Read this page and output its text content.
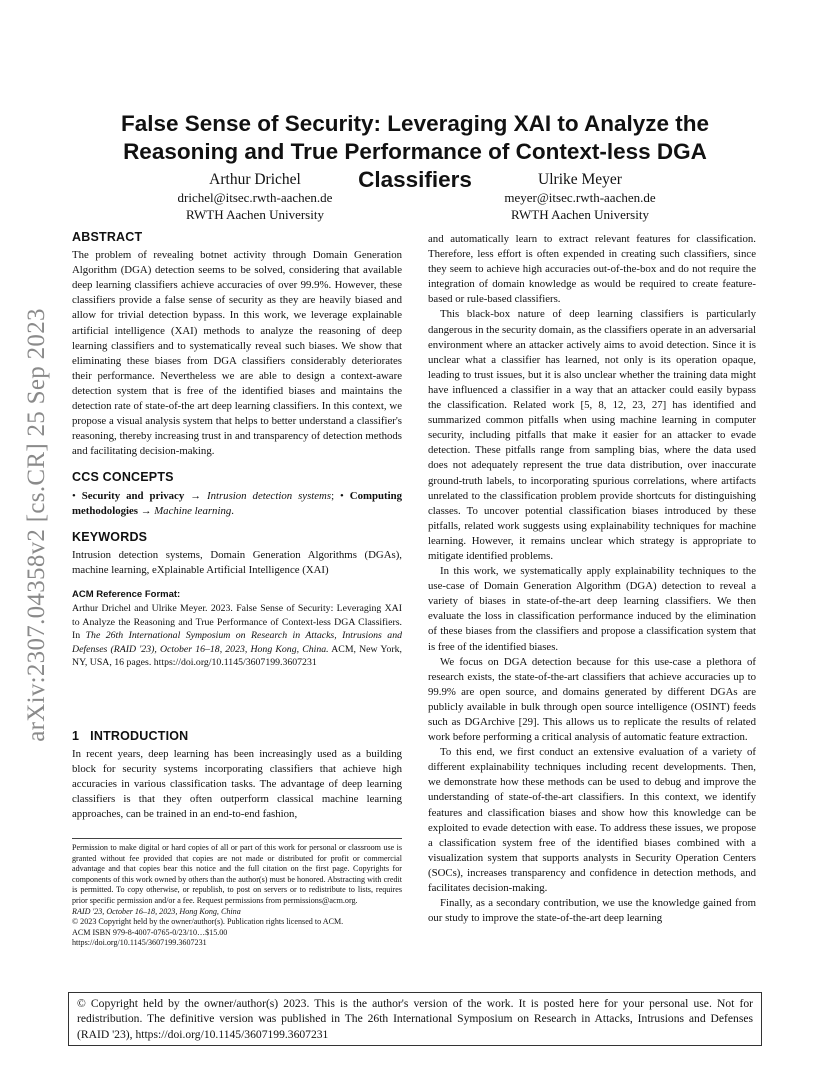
arXiv:2307.04358v2 [cs.CR] 25 Sep 2023
False Sense of Security: Leveraging XAI to Analyze the Reasoning and True Performance of Context-less DGA Classifiers
Arthur Drichel
drichel@itsec.rwth-aachen.de
RWTH Aachen University
Ulrike Meyer
meyer@itsec.rwth-aachen.de
RWTH Aachen University
ABSTRACT

The problem of revealing botnet activity through Domain Generation Algorithm (DGA) detection seems to be solved, considering that available deep learning classifiers achieve accuracies of over 99.9%. However, these classifiers provide a false sense of security as they are heavily biased and allow for trivial detection bypass. In this work, we leverage explainable artificial intelligence (XAI) methods to analyze the reasoning of deep learning classifiers and to systematically reveal such biases. We show that eliminating these biases from DGA classifiers considerably deteriorates their performance. Nevertheless we are able to design a context-aware detection system that is free of the identified biases and maintains the detection rate of state-of-the art deep learning classifiers. In this context, we propose a visual analysis system that helps to better understand a classifier's reasoning, thereby increasing trust in and transparency of detection methods and facilitating decision-making.

CCS CONCEPTS

• Security and privacy → Intrusion detection systems; • Computing methodologies → Machine learning.

KEYWORDS

Intrusion detection systems, Domain Generation Algorithms (DGAs), machine learning, eXplainable Artificial Intelligence (XAI)

ACM Reference Format:

Arthur Drichel and Ulrike Meyer. 2023. False Sense of Security: Leveraging XAI to Analyze the Reasoning and True Performance of Context-less DGA Classifiers. In The 26th International Symposium on Research in Attacks, Intrusions and Defenses (RAID '23), October 16–18, 2023, Hong Kong, China. ACM, New York, NY, USA, 16 pages. https://doi.org/10.1145/3607199.3607231

1   INTRODUCTION

In recent years, deep learning has been increasingly used as a building block for security systems incorporating classifiers that achieve high accuracies in various classification tasks. The advantage of deep learning classifiers is that they often outperform classical machine learning approaches, can be trained in an end-to-end fashion,

Permission to make digital or hard copies of all or part of this work for personal or classroom use is granted without fee provided that copies are not made or distributed for profit or commercial advantage and that copies bear this notice and the full citation on the first page. Copyrights for components of this work owned by others than the author(s) must be honored. Abstracting with credit is permitted. To copy otherwise, or republish, to post on servers or to redistribute to lists, requires prior specific permission and/or a fee. Request permissions from permissions@acm.org.

RAID '23, October 16–18, 2023, Hong Kong, China

© 2023 Copyright held by the owner/author(s). Publication rights licensed to ACM.

ACM ISBN 979-8-4007-0765-0/23/10…$15.00

https://doi.org/10.1145/3607199.3607231

and automatically learn to extract relevant features for classification. Therefore, less effort is often expended in creating such classifiers, since they seem to achieve high accuracies out-of-the-box and do not require the integration of domain knowledge as would be required to create feature-based or rule-based classifiers.

This black-box nature of deep learning classifiers is particularly dangerous in the security domain, as the classifiers operate in an adversarial environment where an attacker actively aims to avoid detection. Since it is unclear what a classifier has learned, not only is its operation opaque, leading to trust issues, but it is also unclear whether the training data might have influenced a classifier in a way that an attacker could easily bypass the classification. Related work [5, 8, 12, 23, 27] has identified and summarized common pitfalls when using machine learning in computer security, including pitfalls that make it easier for an attacker to evade detection. These pitfalls range from sampling bias, where the data used does not adequately represent the true data distribution, over inaccurate ground-truth labels, to incorporating spurious correlations, where artifacts unrelated to the classification problem provide shortcuts for distinguishing classes. To uncover potential classification biases introduced by these pitfalls, related work suggests using explainability techniques for machine learning. However, it remains unclear which strategy is appropriate to mitigate identified problems.

In this work, we systematically apply explainability techniques to the use-case of Domain Generation Algorithm (DGA) detection to reveal a variety of biases in state-of-the-art deep learning classifiers. We then evaluate the loss in classification performance induced by the elimination of these biases from the classifiers and propose a classification system that is free of the identified biases.

We focus on DGA detection because for this use-case a plethora of research exists, the state-of-the-art classifiers that achieve accuracies up to 99.9% are open source, and domains generated by different DGAs are publicly available in bulk through open source intelligence (OSINT) feeds such as DGArchive [29]. This allows us to replicate the results of related work before performing a critical analysis of automatic feature extraction.

To this end, we first conduct an extensive evaluation of a variety of different explainability techniques including recent developments. Then, we demonstrate how these methods can be used to debug and improve the understanding of state-of-the-art classifiers. In this context, we identify features and classification biases and show how this knowledge can be exploited to evade detection with ease. To address these issues, we propose a classification system free of the identified biases combined with a visualization system that supports analysts in Security Operation Centers (SOCs), increases transparency and confidence in detection methods, and facilitates decision-making.

Finally, as a secondary contribution, we use the knowledge gained from our study to improve the state-of-the-art deep learning

© Copyright held by the owner/author(s) 2023. This is the author's version of the work. It is posted here for your personal use. Not for redistribution. The definitive version was published in The 26th International Symposium on Research in Attacks, Intrusions and Defenses (RAID '23), https://doi.org/10.1145/3607199.3607231
